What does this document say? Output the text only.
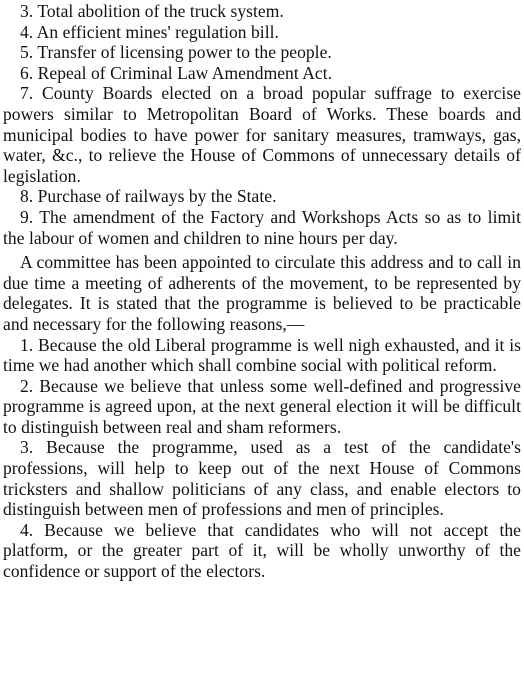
3. Total abolition of the truck system.

4. An efficient mines' regulation bill.

5. Transfer of licensing power to the people.

6. Repeal of Criminal Law Amendment Act.

7. County Boards elected on a broad popular suffrage to exercise powers similar to Metropolitan Board of Works. These boards and municipal bodies to have power for sanitary measures, tramways, gas, water, &c., to relieve the House of Commons of unnecessary details of legislation.

8. Purchase of railways by the State.

9. The amendment of the Factory and Workshops Acts so as to limit the labour of women and children to nine hours per day.

A committee has been appointed to circulate this address and to call in due time a meeting of adherents of the movement, to be represented by delegates. It is stated that the programme is believed to be practicable and necessary for the following reasons,—

1. Because the old Liberal programme is well nigh exhausted, and it is time we had another which shall combine social with political reform.

2. Because we believe that unless some well-defined and progressive programme is agreed upon, at the next general election it will be difficult to distinguish between real and sham reformers.

3. Because the programme, used as a test of the candidate's professions, will help to keep out of the next House of Commons tricksters and shallow politicians of any class, and enable electors to distinguish between men of professions and men of principles.

4. Because we believe that candidates who will not accept the platform, or the greater part of it, will be wholly unworthy of the confidence or support of the electors.
